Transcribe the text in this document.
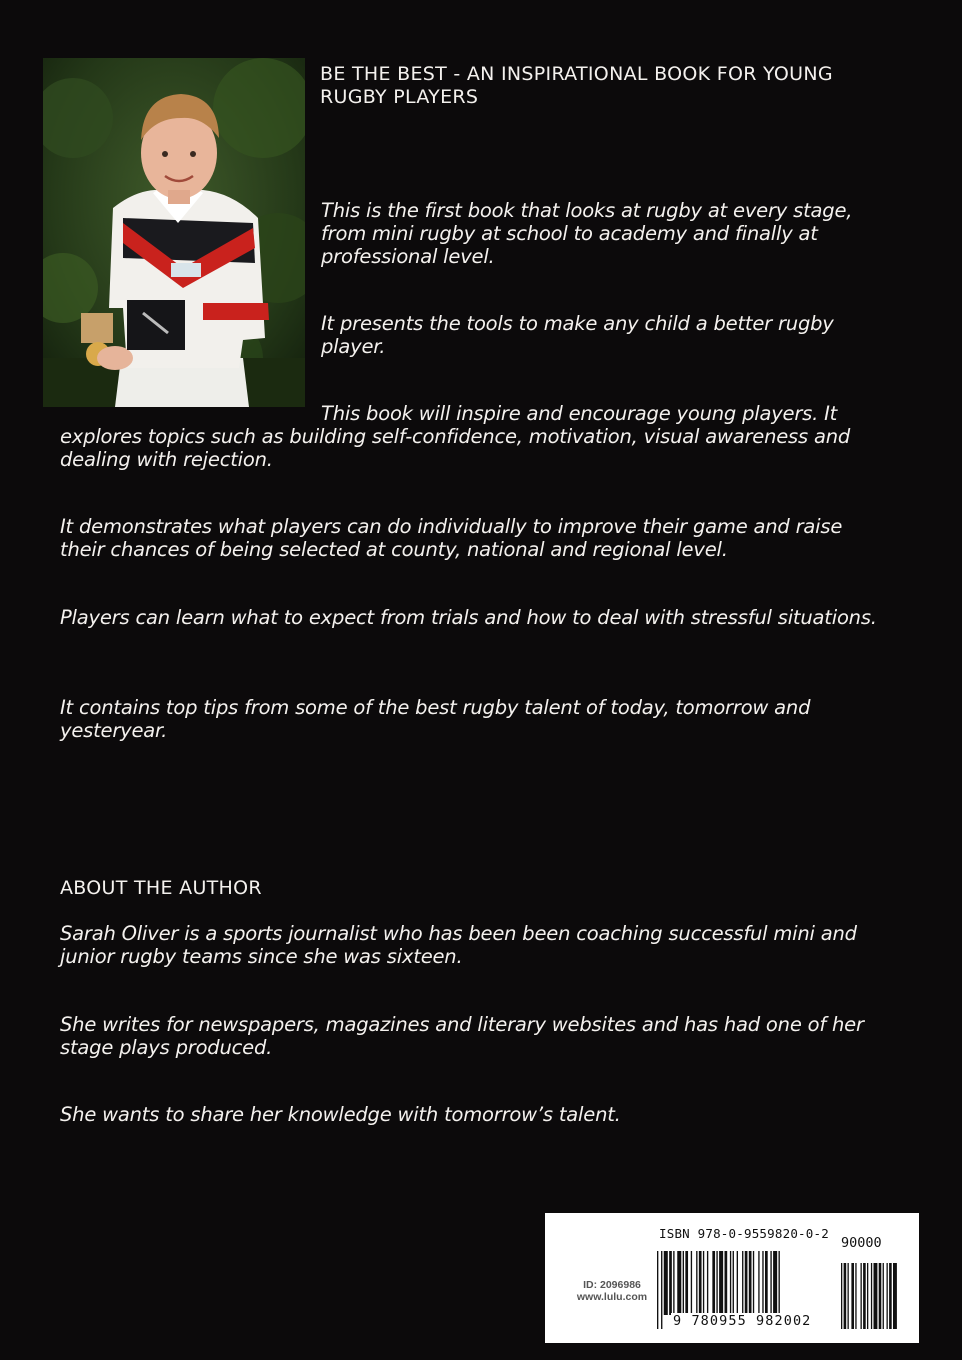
BE THE BEST - AN INSPIRATIONAL BOOK FOR YOUNG RUGBY PLAYERS
This is the first book that looks at rugby at every stage, from mini rugby at school to academy and finally at professional level.
It presents the tools to make any child a better rugby player.
This book will inspire and encourage young players. It explores topics such as building self-confidence, motivation, visual awareness and dealing with rejection.
It demonstrates what players can do individually to improve their game and raise their chances of being selected at county, national and regional level.
Players can learn what to expect from trials and how to deal with stressful situations.
It contains top tips from some of the best rugby talent of today, tomorrow and yesteryear.
ABOUT THE AUTHOR
Sarah Oliver is a sports journalist who has been been coaching successful mini and junior rugby teams since she was sixteen.
She writes for newspapers, magazines and literary websites and has had one of her stage plays produced.
She wants to share her knowledge with tomorrow’s talent.
ISBN 978-0-9559820-0-2
90000
ID: 2096986
www.lulu.com
9 780955 982002
